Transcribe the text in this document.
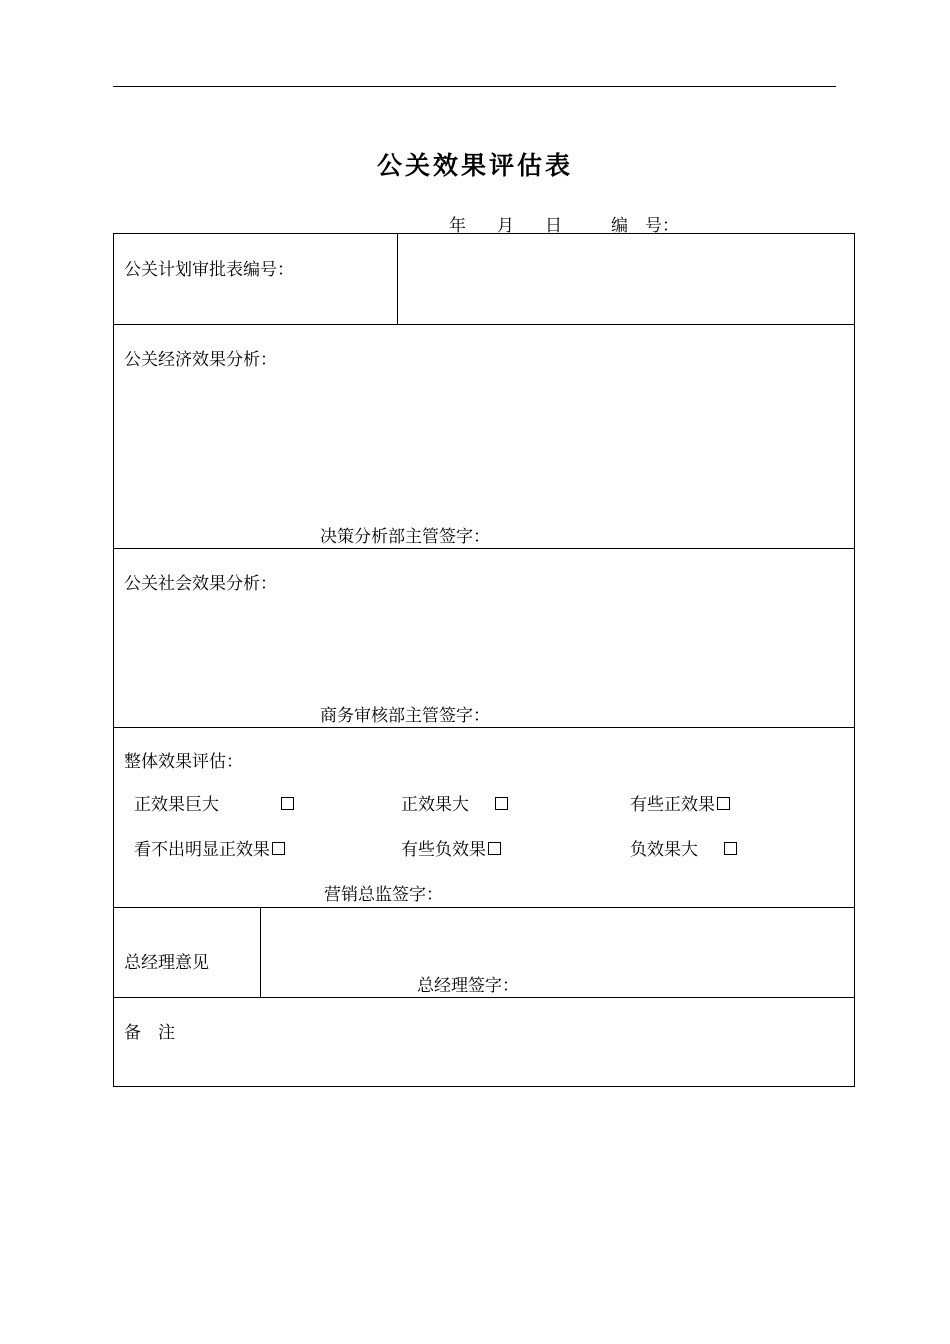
公关效果评估表
年 月 日	编　号：
公关计划审批表编号：
公关经济效果分析：
决策分析部主管签字：
公关社会效果分析：
商务审核部主管签字：
整体效果评估：
正效果巨大	正效果大	有些正效果
看不出明显正效果	有些负效果	负效果大
营销总监签字：
总经理意见
总经理签字：
备　注
